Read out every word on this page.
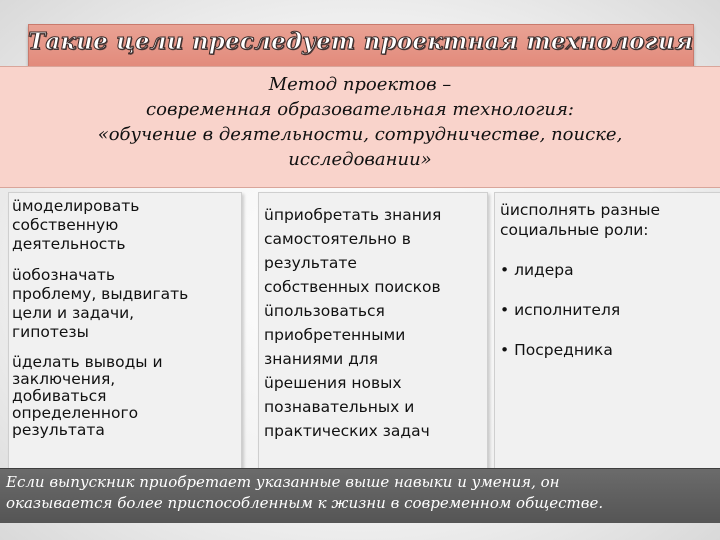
Такие цели преследует проектная технология
Метод проектов –
современная образовательная технология:
«обучение в деятельности, сотрудничестве, поиске,
исследовании»
üмоделировать
собственную
деятельность
üобозначать
проблему, выдвигать
цели и задачи,
гипотезы
üделать выводы и
заключения,
добиваться
определенного
результата
üприобретать знания
самостоятельно в
результате
собственных поисков
üпользоваться
приобретенными
знаниями для
üрешения новых
познавательных и
практических задач
üисполнять разные
социальные роли:
• лидера
• исполнителя
• Посредника
Если выпускник приобретает указанные выше навыки и умения, он
оказывается более приспособленным к жизни в современном обществе.
